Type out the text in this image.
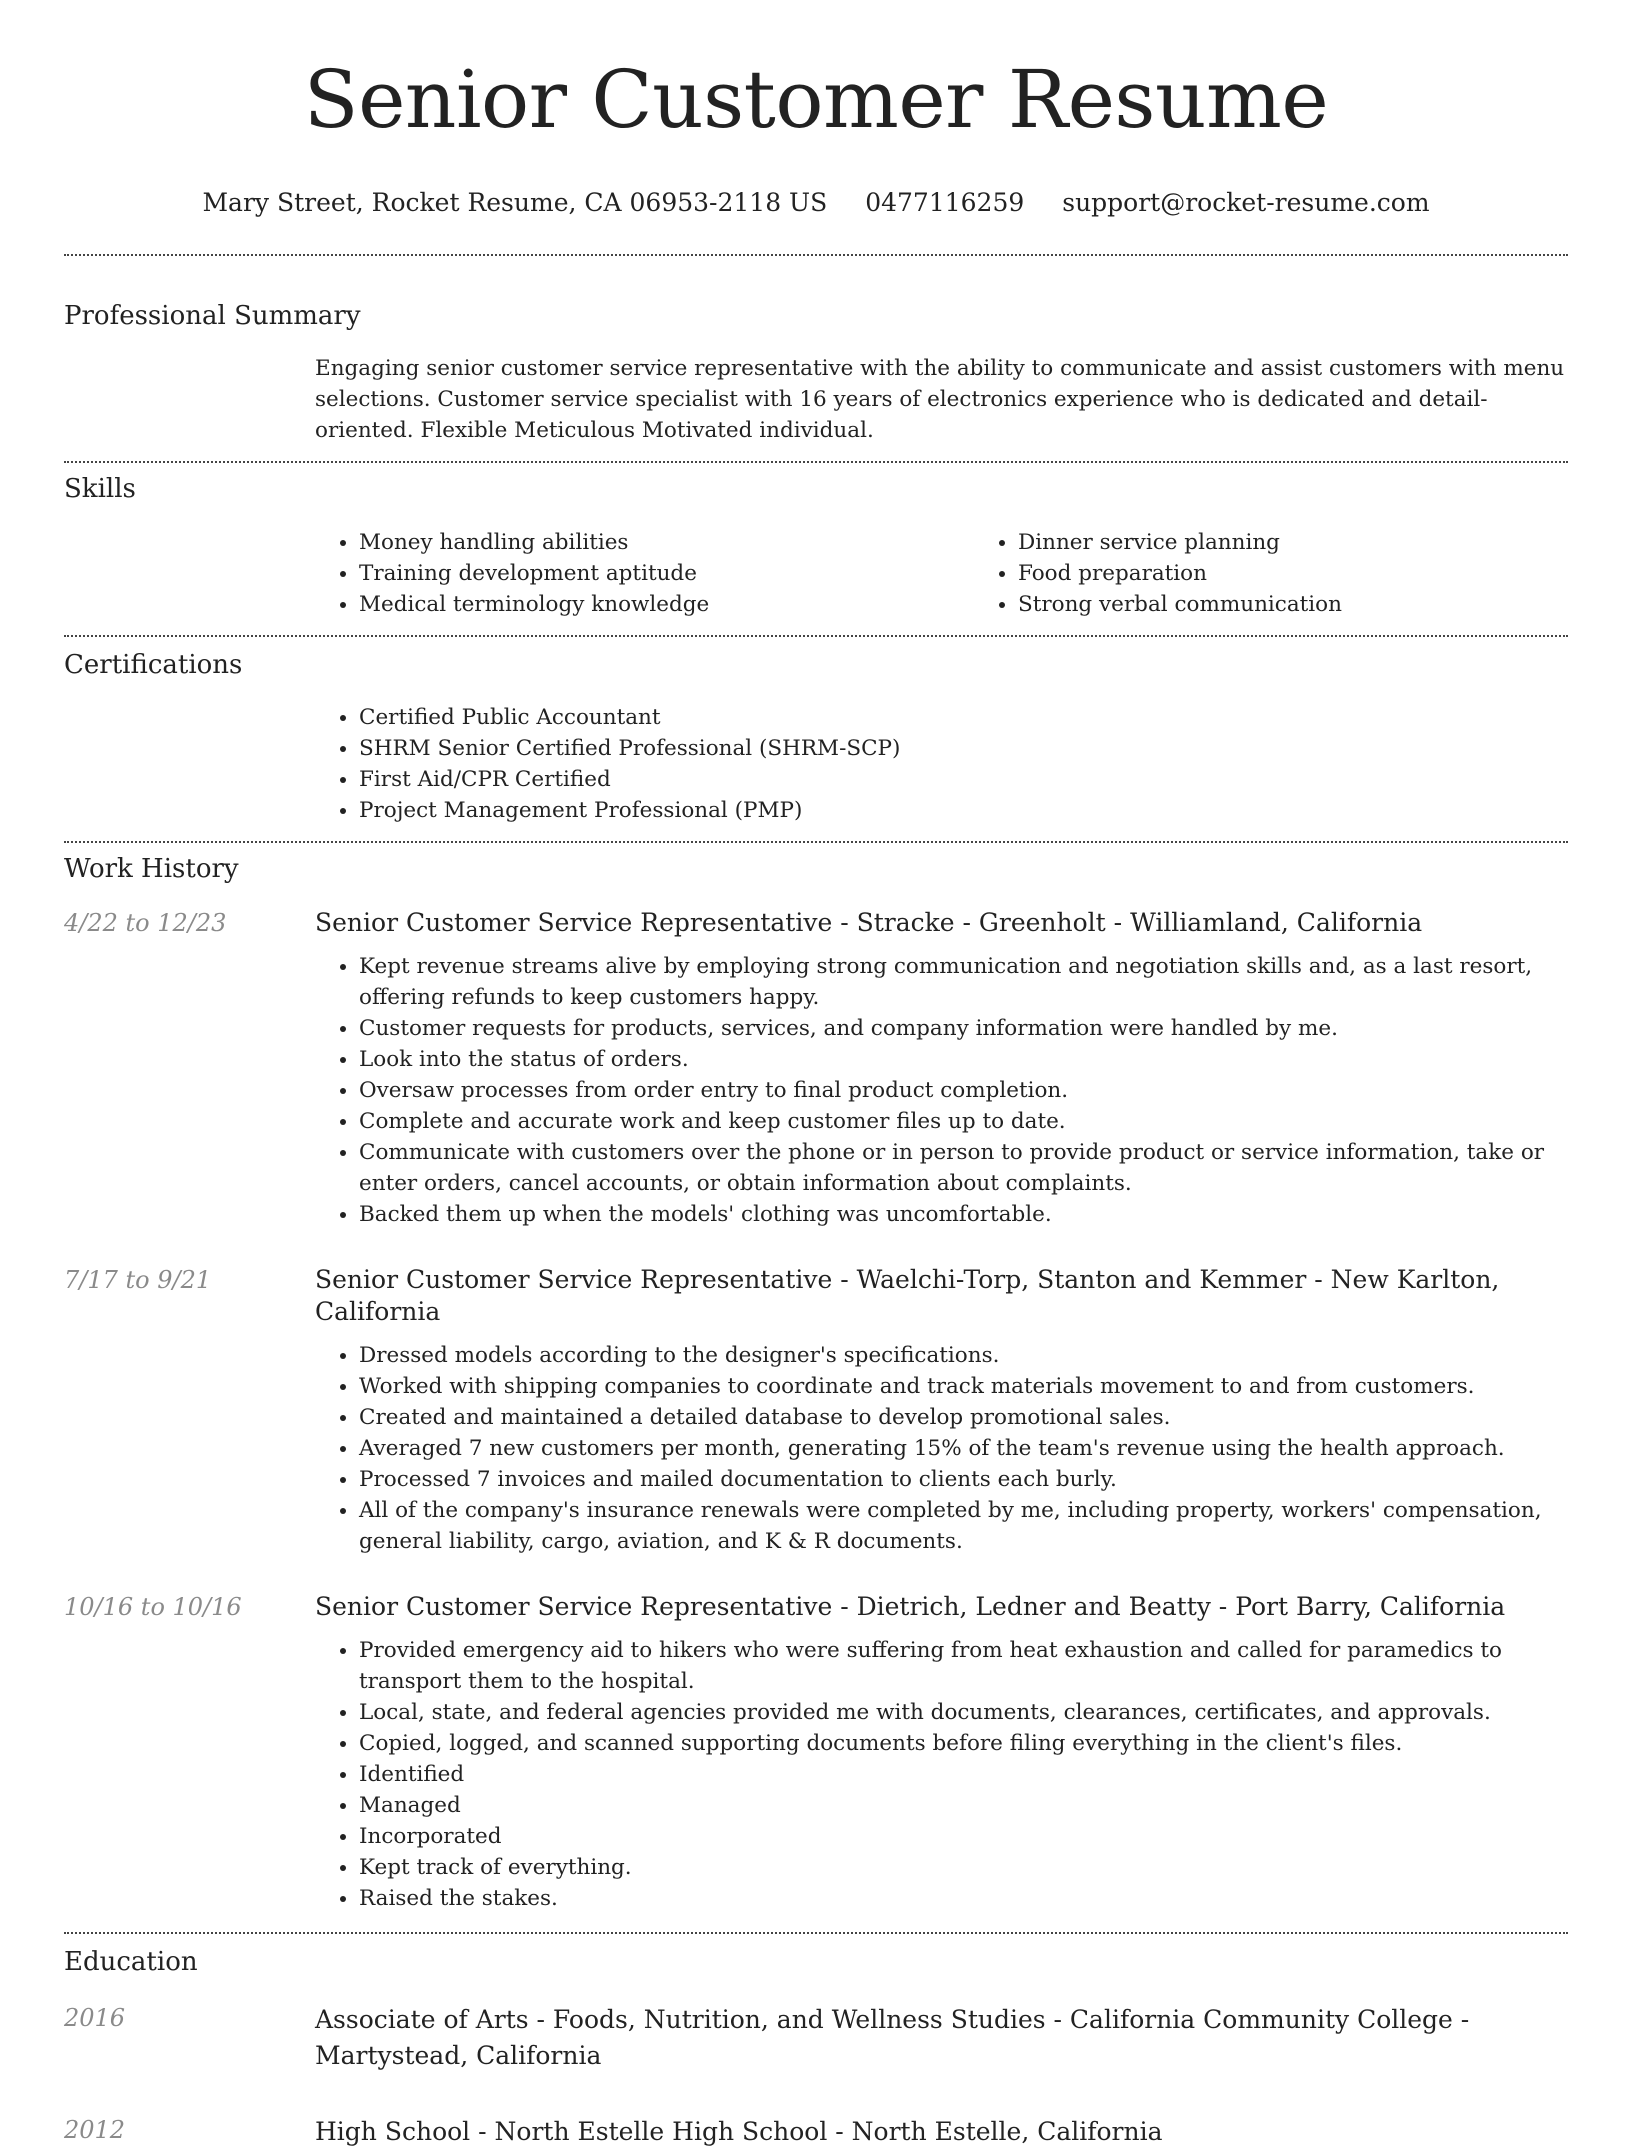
Senior Customer Resume
Mary Street, Rocket Resume, CA 06953-2118 US 0477116259 support@rocket-resume.com
Professional Summary
Engaging senior customer service representative with the ability to communicate and assist customers with menu selections. Customer service specialist with 16 years of electronics experience who is dedicated and detail-oriented. Flexible Meticulous Motivated individual.
Skills
• Money handling abilities
• Training development aptitude
• Medical terminology knowledge
• Dinner service planning
• Food preparation
• Strong verbal communication
Certifications
• Certified Public Accountant
• SHRM Senior Certified Professional (SHRM-SCP)
• First Aid/CPR Certified
• Project Management Professional (PMP)
Work History
4/22 to 12/23	Senior Customer Service Representative - Stracke - Greenholt - Williamland, California
• Kept revenue streams alive by employing strong communication and negotiation skills and, as a last resort, offering refunds to keep customers happy.
• Customer requests for products, services, and company information were handled by me.
• Look into the status of orders.
• Oversaw processes from order entry to final product completion.
• Complete and accurate work and keep customer files up to date.
• Communicate with customers over the phone or in person to provide product or service information, take or enter orders, cancel accounts, or obtain information about complaints.
• Backed them up when the models' clothing was uncomfortable.
7/17 to 9/21	Senior Customer Service Representative - Waelchi-Torp, Stanton and Kemmer - New Karlton, California
• Dressed models according to the designer's specifications.
• Worked with shipping companies to coordinate and track materials movement to and from customers.
• Created and maintained a detailed database to develop promotional sales.
• Averaged 7 new customers per month, generating 15% of the team's revenue using the health approach.
• Processed 7 invoices and mailed documentation to clients each burly.
• All of the company's insurance renewals were completed by me, including property, workers' compensation, general liability, cargo, aviation, and K & R documents.
10/16 to 10/16	Senior Customer Service Representative - Dietrich, Ledner and Beatty - Port Barry, California
• Provided emergency aid to hikers who were suffering from heat exhaustion and called for paramedics to transport them to the hospital.
• Local, state, and federal agencies provided me with documents, clearances, certificates, and approvals.
• Copied, logged, and scanned supporting documents before filing everything in the client's files.
• Identified
• Managed
• Incorporated
• Kept track of everything.
• Raised the stakes.
Education
2016	Associate of Arts - Foods, Nutrition, and Wellness Studies - California Community College - Martystead, California
2012	High School - North Estelle High School - North Estelle, California
